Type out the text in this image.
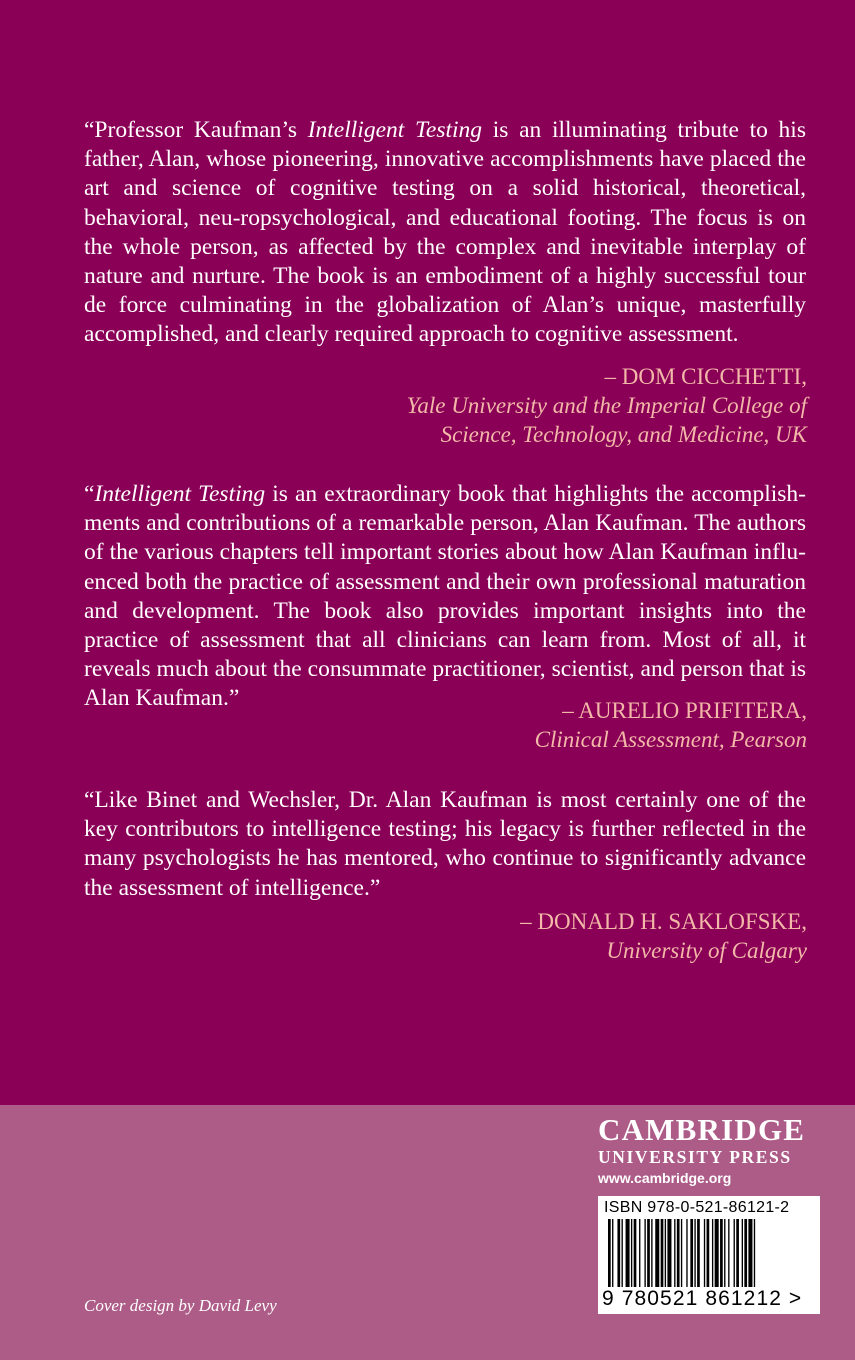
“Professor Kaufman’s Intelligent Testing is an illuminating tribute to his father, Alan, whose pioneering, innovative accomplishments have placed the art and science of cognitive testing on a solid historical, theoretical, behavioral, neu-ropsychological, and educational footing. The focus is on the whole person, as affected by the complex and inevitable interplay of nature and nurture. The book is an embodiment of a highly successful tour de force culminating in the globalization of Alan’s unique, masterfully accomplished, and clearly required approach to cognitive assessment.

– DOM CICCHETTI,
Yale University and the Imperial College of
Science, Technology, and Medicine, UK

“Intelligent Testing is an extraordinary book that highlights the accomplish-ments and contributions of a remarkable person, Alan Kaufman. The authors of the various chapters tell important stories about how Alan Kaufman influ-enced both the practice of assessment and their own professional maturation and development. The book also provides important insights into the practice of assessment that all clinicians can learn from. Most of all, it reveals much about the consummate practitioner, scientist, and person that is Alan Kaufman.”	– AURELIO PRIFITERA,
Clinical Assessment, Pearson

“Like Binet and Wechsler, Dr. Alan Kaufman is most certainly one of the key contributors to intelligence testing; his legacy is further reflected in the many psychologists he has mentored, who continue to significantly advance the assessment of intelligence.”

– DONALD H. SAKLOFSKE,
University of Calgary
CAMBRIDGE
UNIVERSITY PRESS
www.cambridge.org
ISBN 978-0-521-86121-2
9 780521 861212 >
Cover design by David Levy
